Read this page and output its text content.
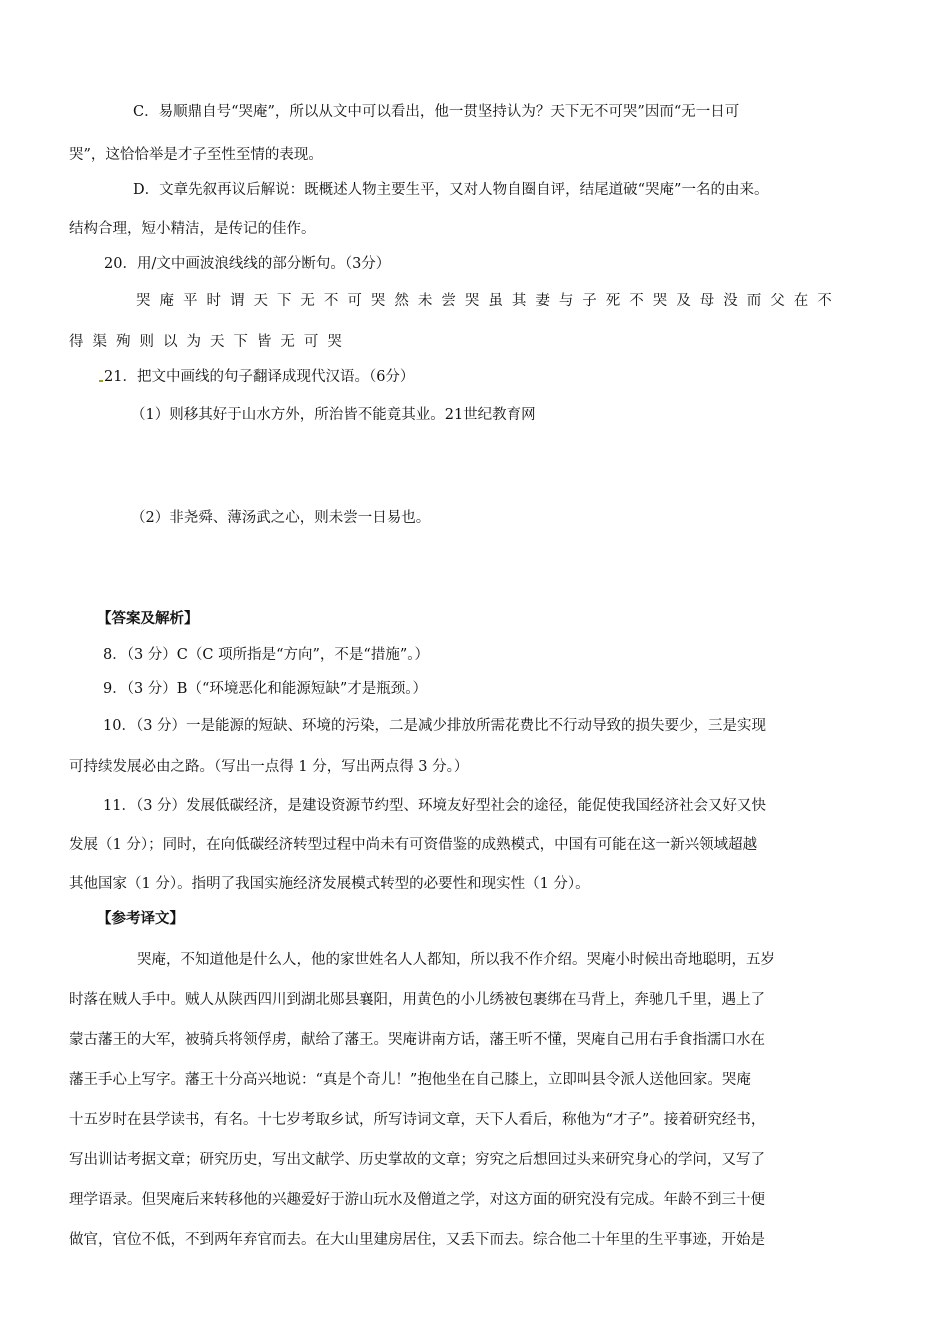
C．易顺鼎自号“哭庵”，所以从文中可以看出，他一贯坚持认为？天下无不可哭”因而“无一日可
哭”，这恰恰举是才子至性至情的表现。
D．文章先叙再议后解说：既概述人物主要生平，又对人物自圈自评，结尾道破“哭庵”一名的由来。
结构合理，短小精洁，是传记的佳作。
20．用/文中画波浪线线的部分断句。（3分）
哭庵平时谓天下无不可哭然未尝哭虽其妻与子死不哭及母没而父在不
得渠殉则以为天下皆无可哭
21．把文中画线的句子翻译成现代汉语。（6分）
（1）则移其好于山水方外，所治皆不能竟其业。21世纪教育网
（2）非尧舜、薄汤武之心，则未尝一日易也。
【答案及解析】
8．（3 分）C（C 项所指是“方向”，不是“措施”。）
9．（3 分）B（“环境恶化和能源短缺”才是瓶颈。）
10．（3 分）一是能源的短缺、环境的污染，二是减少排放所需花费比不行动导致的损失要少，三是实现
可持续发展必由之路。（写出一点得 1 分，写出两点得 3 分。）
11．（3 分）发展低碳经济，是建设资源节约型、环境友好型社会的途径，能促使我国经济社会又好又快
发展（1 分）；同时，在向低碳经济转型过程中尚未有可资借鉴的成熟模式，中国有可能在这一新兴领域超越
其他国家（1 分）。指明了我国实施经济发展模式转型的必要性和现实性（1 分）。
【参考译文】
哭庵，不知道他是什么人，他的家世姓名人人都知，所以我不作介绍。哭庵小时候出奇地聪明，五岁
时落在贼人手中。贼人从陕西四川到湖北郧县襄阳，用黄色的小儿绣被包裹绑在马背上，奔驰几千里，遇上了
蒙古藩王的大军，被骑兵将领俘虏，献给了藩王。哭庵讲南方话，藩王听不懂，哭庵自己用右手食指濡口水在
藩王手心上写字。藩王十分高兴地说：“真是个奇儿！”抱他坐在自己膝上，立即叫县令派人送他回家。哭庵
十五岁时在县学读书，有名。十七岁考取乡试，所写诗词文章，天下人看后，称他为“才子”。接着研究经书，
写出训诂考据文章；研究历史，写出文献学、历史掌故的文章；穷究之后想回过头来研究身心的学问，又写了
理学语录。但哭庵后来转移他的兴趣爱好于游山玩水及僧道之学，对这方面的研究没有完成。年龄不到三十便
做官，官位不低，不到两年弃官而去。在大山里建房居住，又丢下而去。综合他二十年里的生平事迹，开始是
